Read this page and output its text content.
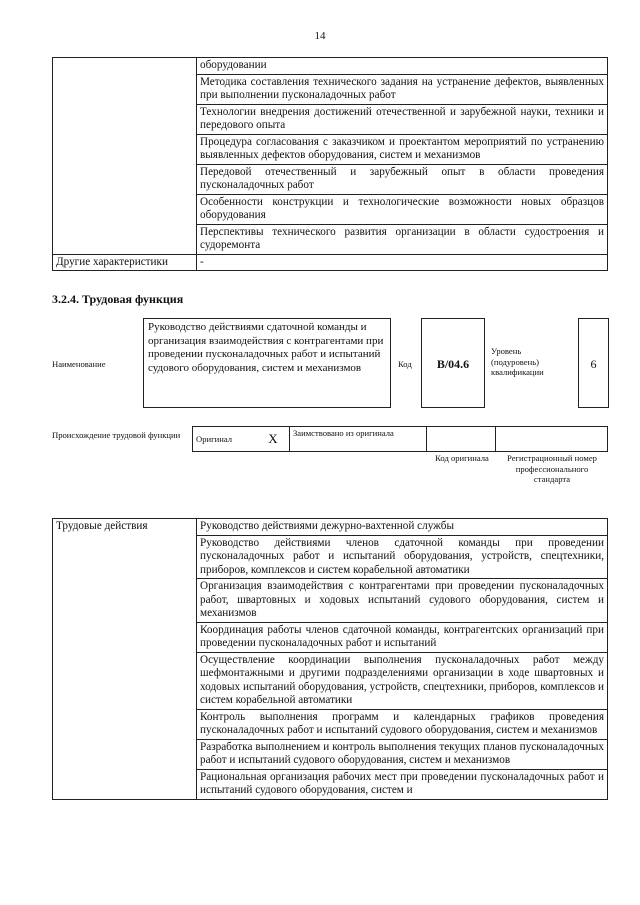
14
	оборудовании
	Методика составления технического задания на устранение дефектов, выявленных при выполнении пусконаладочных работ
	Технологии внедрения достижений отечественной и зарубежной науки, техники и передового опыта
	Процедура согласования с заказчиком и проектантом мероприятий по устранению выявленных дефектов оборудования, систем и механизмов
	Передовой отечественный и зарубежный опыт в области проведения пусконаладочных работ
	Особенности конструкции и технологические возможности новых образцов оборудования
	Перспективы технического развития организации в области судостроения и судоремонта
Другие характеристики	-
3.2.4. Трудовая функция
Наименование
Руководство действиями сдаточной команды и организация взаимодействия с контрагентами при проведении пусконаладочных работ и испытаний судового оборудования, систем и механизмов	Код	B/04.6
Уровень (подуровень) квалификации
6
Происхождение трудовой функции Оригинал	X	Заимствовано из оригинала		
Код оригинала	Регистрационный номер профессионального стандарта
Трудовые действия	Руководство действиями дежурно-вахтенной службы
Руководство действиями членов сдаточной команды при проведении пусконаладочных работ и испытаний оборудования, устройств, спецтехники, приборов, комплексов и систем корабельной автоматики
Организация взаимодействия с контрагентами при проведении пусконаладочных работ, швартовных и ходовых испытаний судового оборудования, систем и механизмов
Координация работы членов сдаточной команды, контрагентских организаций при проведении пусконаладочных работ и испытаний
Осуществление координации выполнения пусконаладочных работ между шефмонтажными и другими подразделениями организации в ходе швартовных и ходовых испытаний оборудования, устройств, спецтехники, приборов, комплексов и систем корабельной автоматики
Контроль выполнения программ и календарных графиков проведения пусконаладочных работ и испытаний судового оборудования, систем и механизмов
Разработка выполнением и контроль выполнения текущих планов пусконаладочных работ и испытаний судового оборудования, систем и механизмов
Рациональная организация рабочих мест при проведении пусконаладочных работ и испытаний судового оборудования, систем и
